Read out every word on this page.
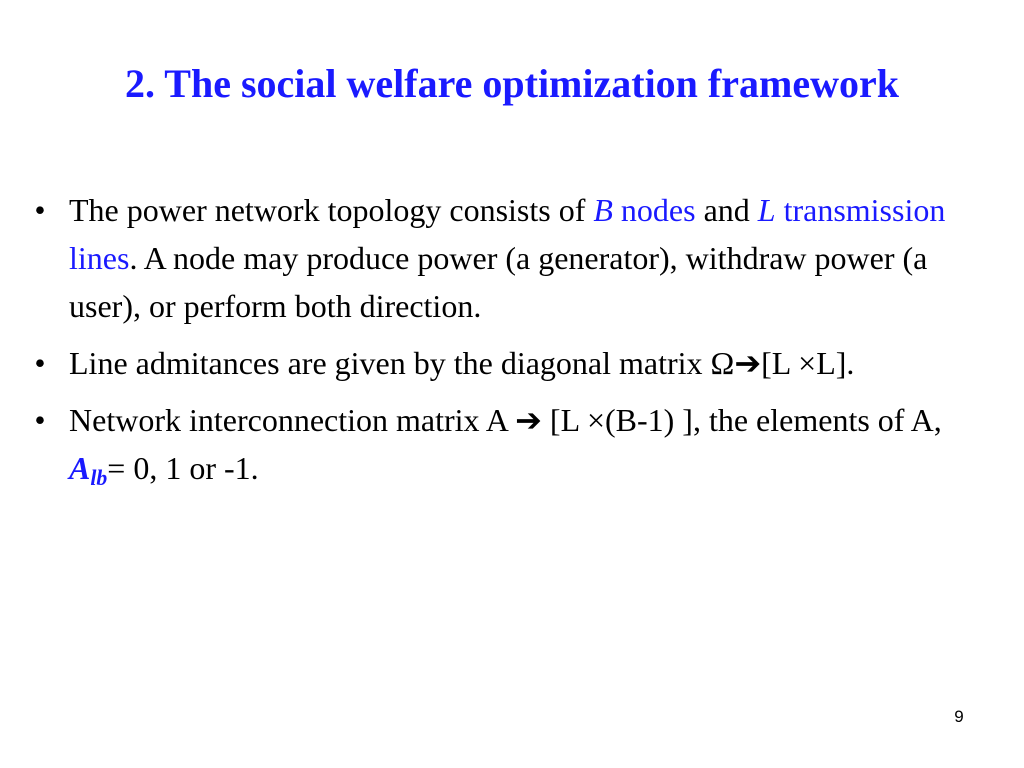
2. The social welfare optimization framework
• The power network topology consists of B nodes and L transmission lines. A node may produce power (a generator), withdraw power (a user), or perform both direction.
• Line admitances are given by the diagonal matrix Ω➔[L ×L].
• Network interconnection matrix A ➔ [L ×(B-1) ], the elements of A, $A_{lb}= 0$, 1 or -1.
9
